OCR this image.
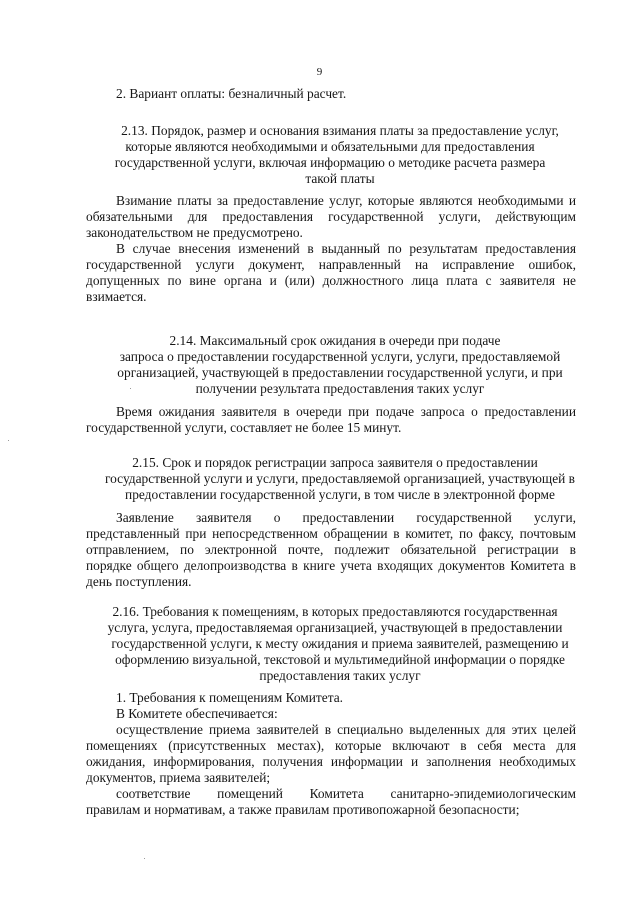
9

2. Вариант оплаты: безналичный расчет.

2.13. Порядок, размер и основания взимания платы за предоставление услуг,

которые являются необходимыми и обязательными для предоставления

государственной услуги, включая информацию о методике расчета размера

такой платы

Взимание платы за предоставление услуг, которые являются необходимыми и

обязательными для предоставления государственной услуги, действующим

законодательством не предусмотрено.

В случае внесения изменений в выданный по результатам предоставления

государственной услуги документ, направленный на исправление ошибок,

допущенных по вине органа и (или) должностного лица плата с заявителя не

взимается.

2.14. Максимальный срок ожидания в очереди при подаче

запроса о предоставлении государственной услуги, услуги, предоставляемой

организацией, участвующей в предоставлении государственной услуги, и при

получении результата предоставления таких услуг

Время ожидания заявителя в очереди при подаче запроса о предоставлении

государственной услуги, составляет не более 15 минут.

2.15. Срок и порядок регистрации запроса заявителя о предоставлении

государственной услуги и услуги, предоставляемой организацией, участвующей в

предоставлении государственной услуги, в том числе в электронной форме

Заявление заявителя о предоставлении государственной услуги,

представленный при непосредственном обращении в комитет, по факсу, почтовым

отправлением, по электронной почте, подлежит обязательной регистрации в

порядке общего делопроизводства в книге учета входящих документов Комитета в

день поступления.

2.16. Требования к помещениям, в которых предоставляются государственная

услуга, услуга, предоставляемая организацией, участвующей в предоставлении

государственной услуги, к месту ожидания и приема заявителей, размещению и

оформлению визуальной, текстовой и мультимедийной информации о порядке

предоставления таких услуг

1. Требования к помещениям Комитета.

В Комитете обеспечивается:

осуществление приема заявителей в специально выделенных для этих целей

помещениях (присутственных местах), которые включают в себя места для

ожидания, информирования, получения информации и заполнения необходимых

документов, приема заявителей;

соответствие помещений Комитета санитарно-эпидемиологическим

правилам и нормативам, а также правилам противопожарной безопасности;
